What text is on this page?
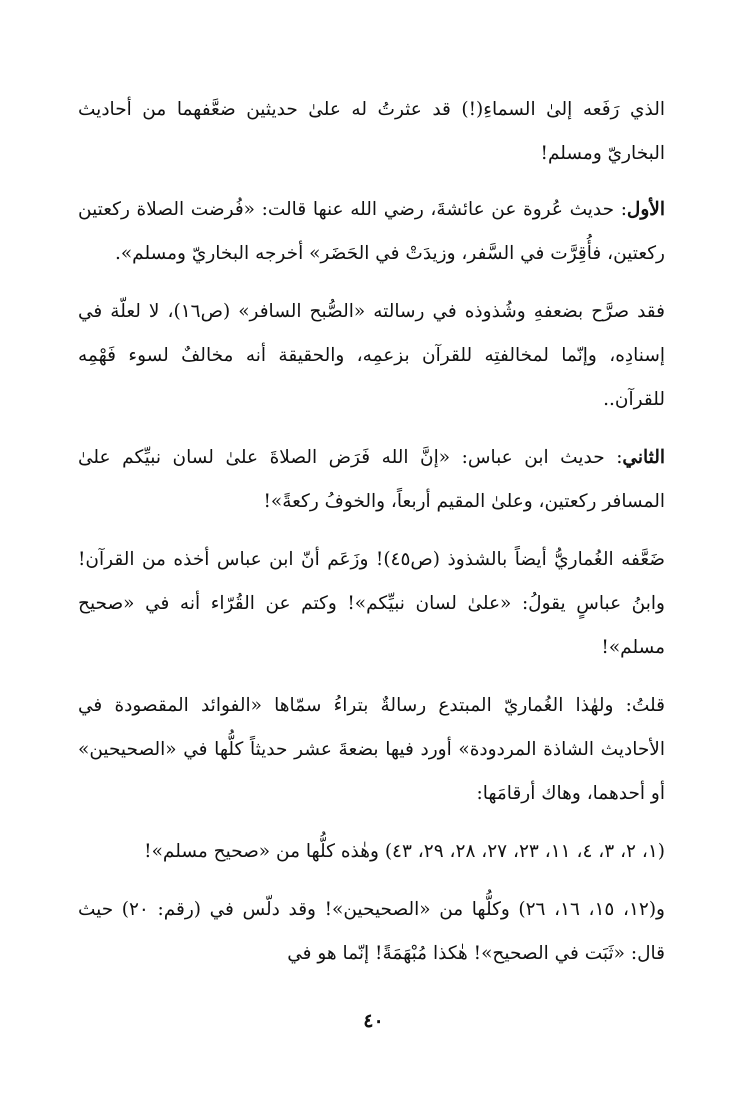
الذي رَفَعه إلىٰ السماءِ(!) قد عثرتُ له علىٰ حديثين ضعَّفهما من أحاديث البخاريّ ومسلم!

الأول: حديث عُروة عن عائشةَ، رضي الله عنها قالت: «فُرضت الصلاة ركعتين ركعتين، فأُقِرَّت في السَّفر، وزيدَتْ في الحَضَر» أخرجه البخاريّ ومسلم».

فقد صرَّح بضعفهِ وشُذوذه في رسالته «الصُّبح السافر» (ص١٦)، لا لعلّة في إسنادِه، وإنّما لمخالفتِه للقرآن بزعمِه، والحقيقة أنه مخالفٌ لسوء فَهْمِه للقرآن..

الثاني: حديث ابن عباس: «إنَّ الله فَرَض الصلاةَ علىٰ لسان نبيِّكم علىٰ المسافر ركعتين، وعلىٰ المقيم أربعاً، والخوفُ ركعةً»!

ضَعَّفه الغُماريُّ أيضاً بالشذوذ (ص٤٥)! وزَعَم أنّ ابن عباس أخذه من القرآن! وابنُ عباسٍ يقولُ: «علىٰ لسان نبيِّكم»! وكتم عن القُرّاء أنه في «صحيح مسلم»!

قلتُ: ولهٰذا الغُماريّ المبتدع رسالةٌ بتراءُ سمّاها «الفوائد المقصودة في الأحاديث الشاذة المردودة» أورد فيها بضعةَ عشر حديثاً كلُّها في «الصحيحين» أو أحدهما، وهاك أرقامَها:

(١، ٢، ٣، ٤، ١١، ٢٣، ٢٧، ٢٨، ٢٩، ٤٣) وهٰذه كلُّها من «صحيح مسلم»!

و(١٢، ١٥، ١٦، ٢٦) وكلُّها من «الصحيحين»! وقد دلّس في (رقم: ٢٠) حيث قال: «ثَبَت في الصحيح»! هٰكذا مُبْهَمَةً! إنّما هو في

٤٠
